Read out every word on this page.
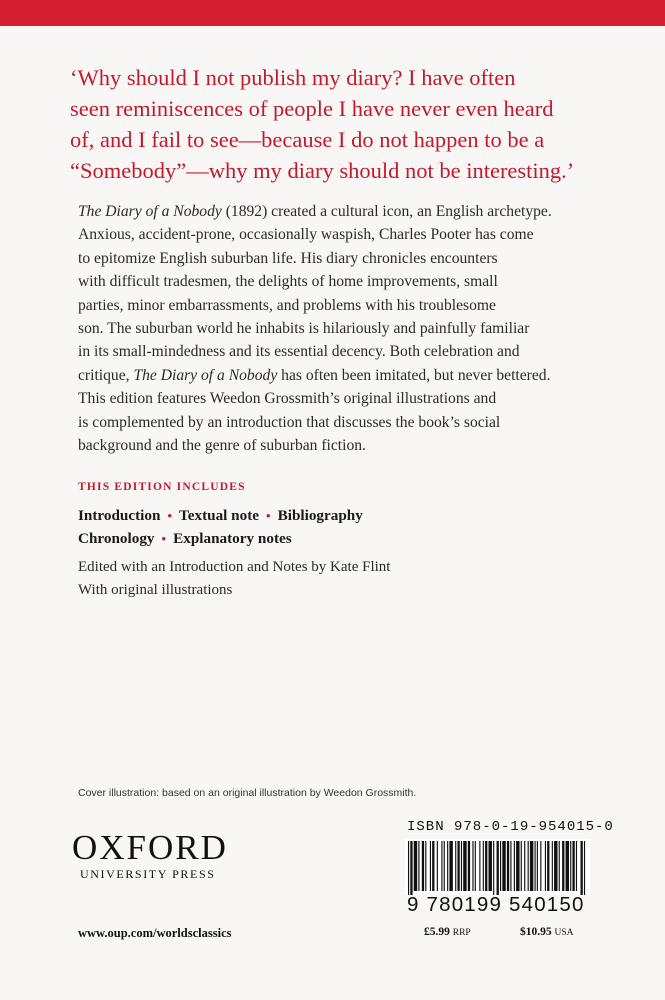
‘Why should I not publish my diary? I have often
seen reminiscences of people I have never even heard
of, and I fail to see—because I do not happen to be a
“Somebody”—why my diary should not be interesting.’
The Diary of a Nobody (1892) created a cultural icon, an English archetype.
Anxious, accident-prone, occasionally waspish, Charles Pooter has come
to epitomize English suburban life. His diary chronicles encounters
with difficult tradesmen, the delights of home improvements, small
parties, minor embarrassments, and problems with his troublesome
son. The suburban world he inhabits is hilariously and painfully familiar
in its small-mindedness and its essential decency. Both celebration and
critique, The Diary of a Nobody has often been imitated, but never bettered.
This edition features Weedon Grossmith’s original illustrations and
is complemented by an introduction that discusses the book’s social
background and the genre of suburban fiction.
THIS EDITION INCLUDES
Introduction • Textual note • Bibliography
Chronology • Explanatory notes
Edited with an Introduction and Notes by Kate Flint
With original illustrations
Cover illustration: based on an original illustration by Weedon Grossmith.
OXFORD
UNIVERSITY PRESS
www.oup.com/worldsclassics
ISBN 978-0-19-954015-0
9 780199 540150
£5.99 RRP	$10.95 USA
